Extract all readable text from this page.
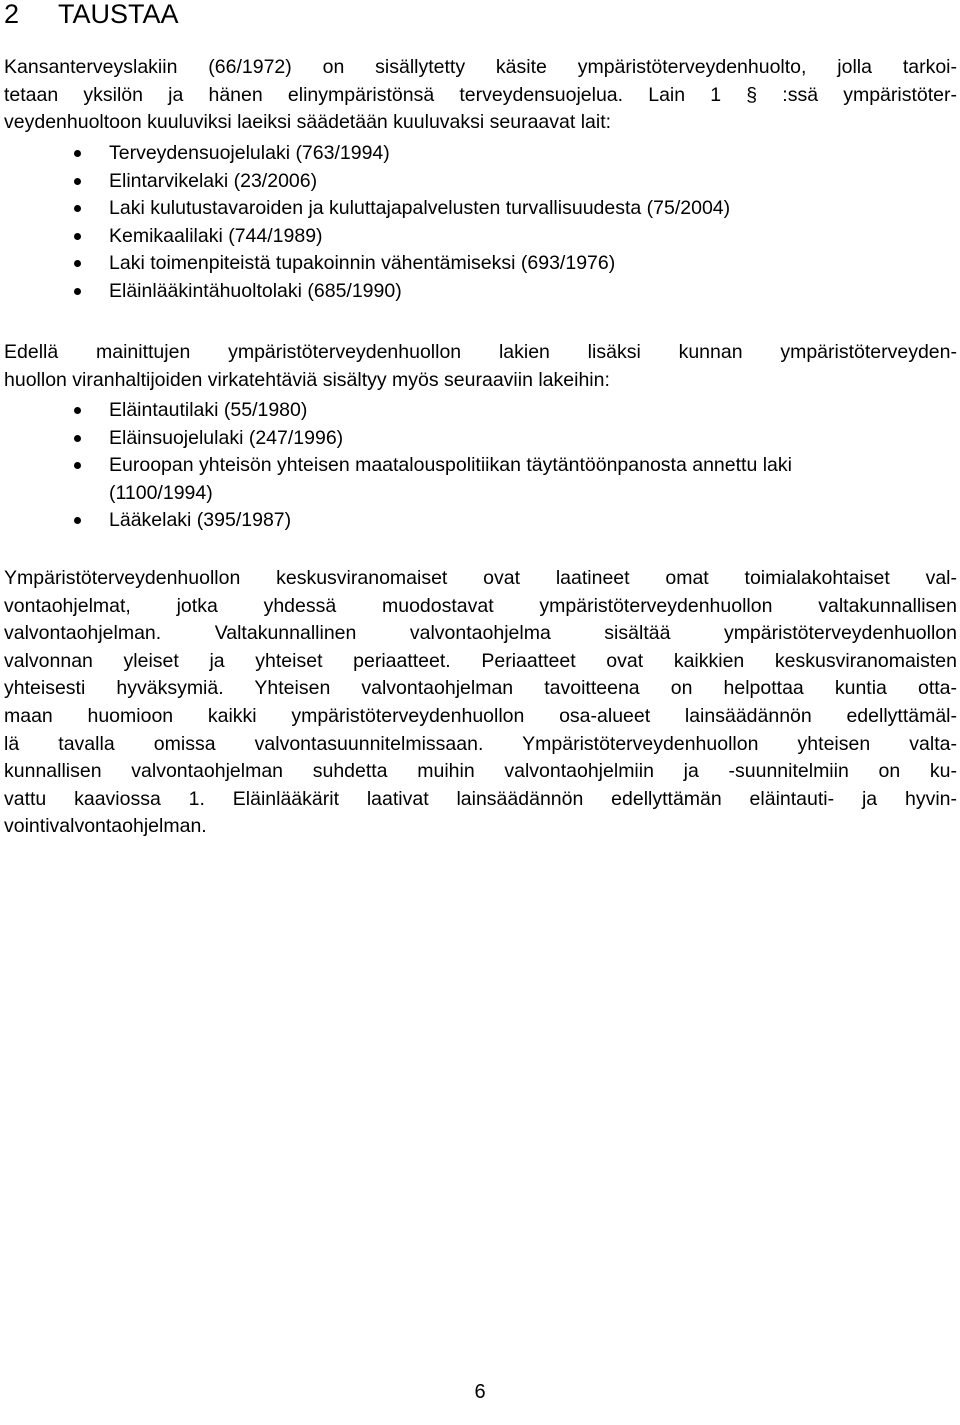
2 TAUSTAA
Kansanterveyslakiin (66/1972) on sisällytetty käsite ympäristöterveydenhuolto, jolla tarkoi-
tetaan yksilön ja hänen elinympäristönsä terveydensuojelua. Lain 1 § :ssä ympäristöter-
veydenhuoltoon kuuluviksi laeiksi säädetään kuuluvaksi seuraavat lait:
Terveydensuojelulaki (763/1994)
Elintarvikelaki (23/2006)
Laki kulutustavaroiden ja kuluttajapalvelusten turvallisuudesta (75/2004)
Kemikaalilaki (744/1989)
Laki toimenpiteistä tupakoinnin vähentämiseksi (693/1976)
Eläinlääkintähuoltolaki (685/1990)
Edellä mainittujen ympäristöterveydenhuollon lakien lisäksi kunnan ympäristöterveyden-
huollon viranhaltijoiden virkatehtäviä sisältyy myös seuraaviin lakeihin:
Eläintautilaki (55/1980)
Eläinsuojelulaki (247/1996)
Euroopan yhteisön yhteisen maatalouspolitiikan täytäntöönpanosta annettu laki
(1100/1994)
Lääkelaki (395/1987)
Ympäristöterveydenhuollon keskusviranomaiset ovat laatineet omat toimialakohtaiset val-
vontaohjelmat, jotka yhdessä muodostavat ympäristöterveydenhuollon valtakunnallisen
valvontaohjelman. Valtakunnallinen valvontaohjelma sisältää ympäristöterveydenhuollon
valvonnan yleiset ja yhteiset periaatteet. Periaatteet ovat kaikkien keskusviranomaisten
yhteisesti hyväksymiä. Yhteisen valvontaohjelman tavoitteena on helpottaa kuntia otta-
maan huomioon kaikki ympäristöterveydenhuollon osa-alueet lainsäädännön edellyttämäl-
lä tavalla omissa valvontasuunnitelmissaan. Ympäristöterveydenhuollon yhteisen valta-
kunnallisen valvontaohjelman suhdetta muihin valvontaohjelmiin ja -suunnitelmiin on ku-
vattu kaaviossa 1. Eläinlääkärit laativat lainsäädännön edellyttämän eläintauti- ja hyvin-
vointivalvontaohjelman.
6
